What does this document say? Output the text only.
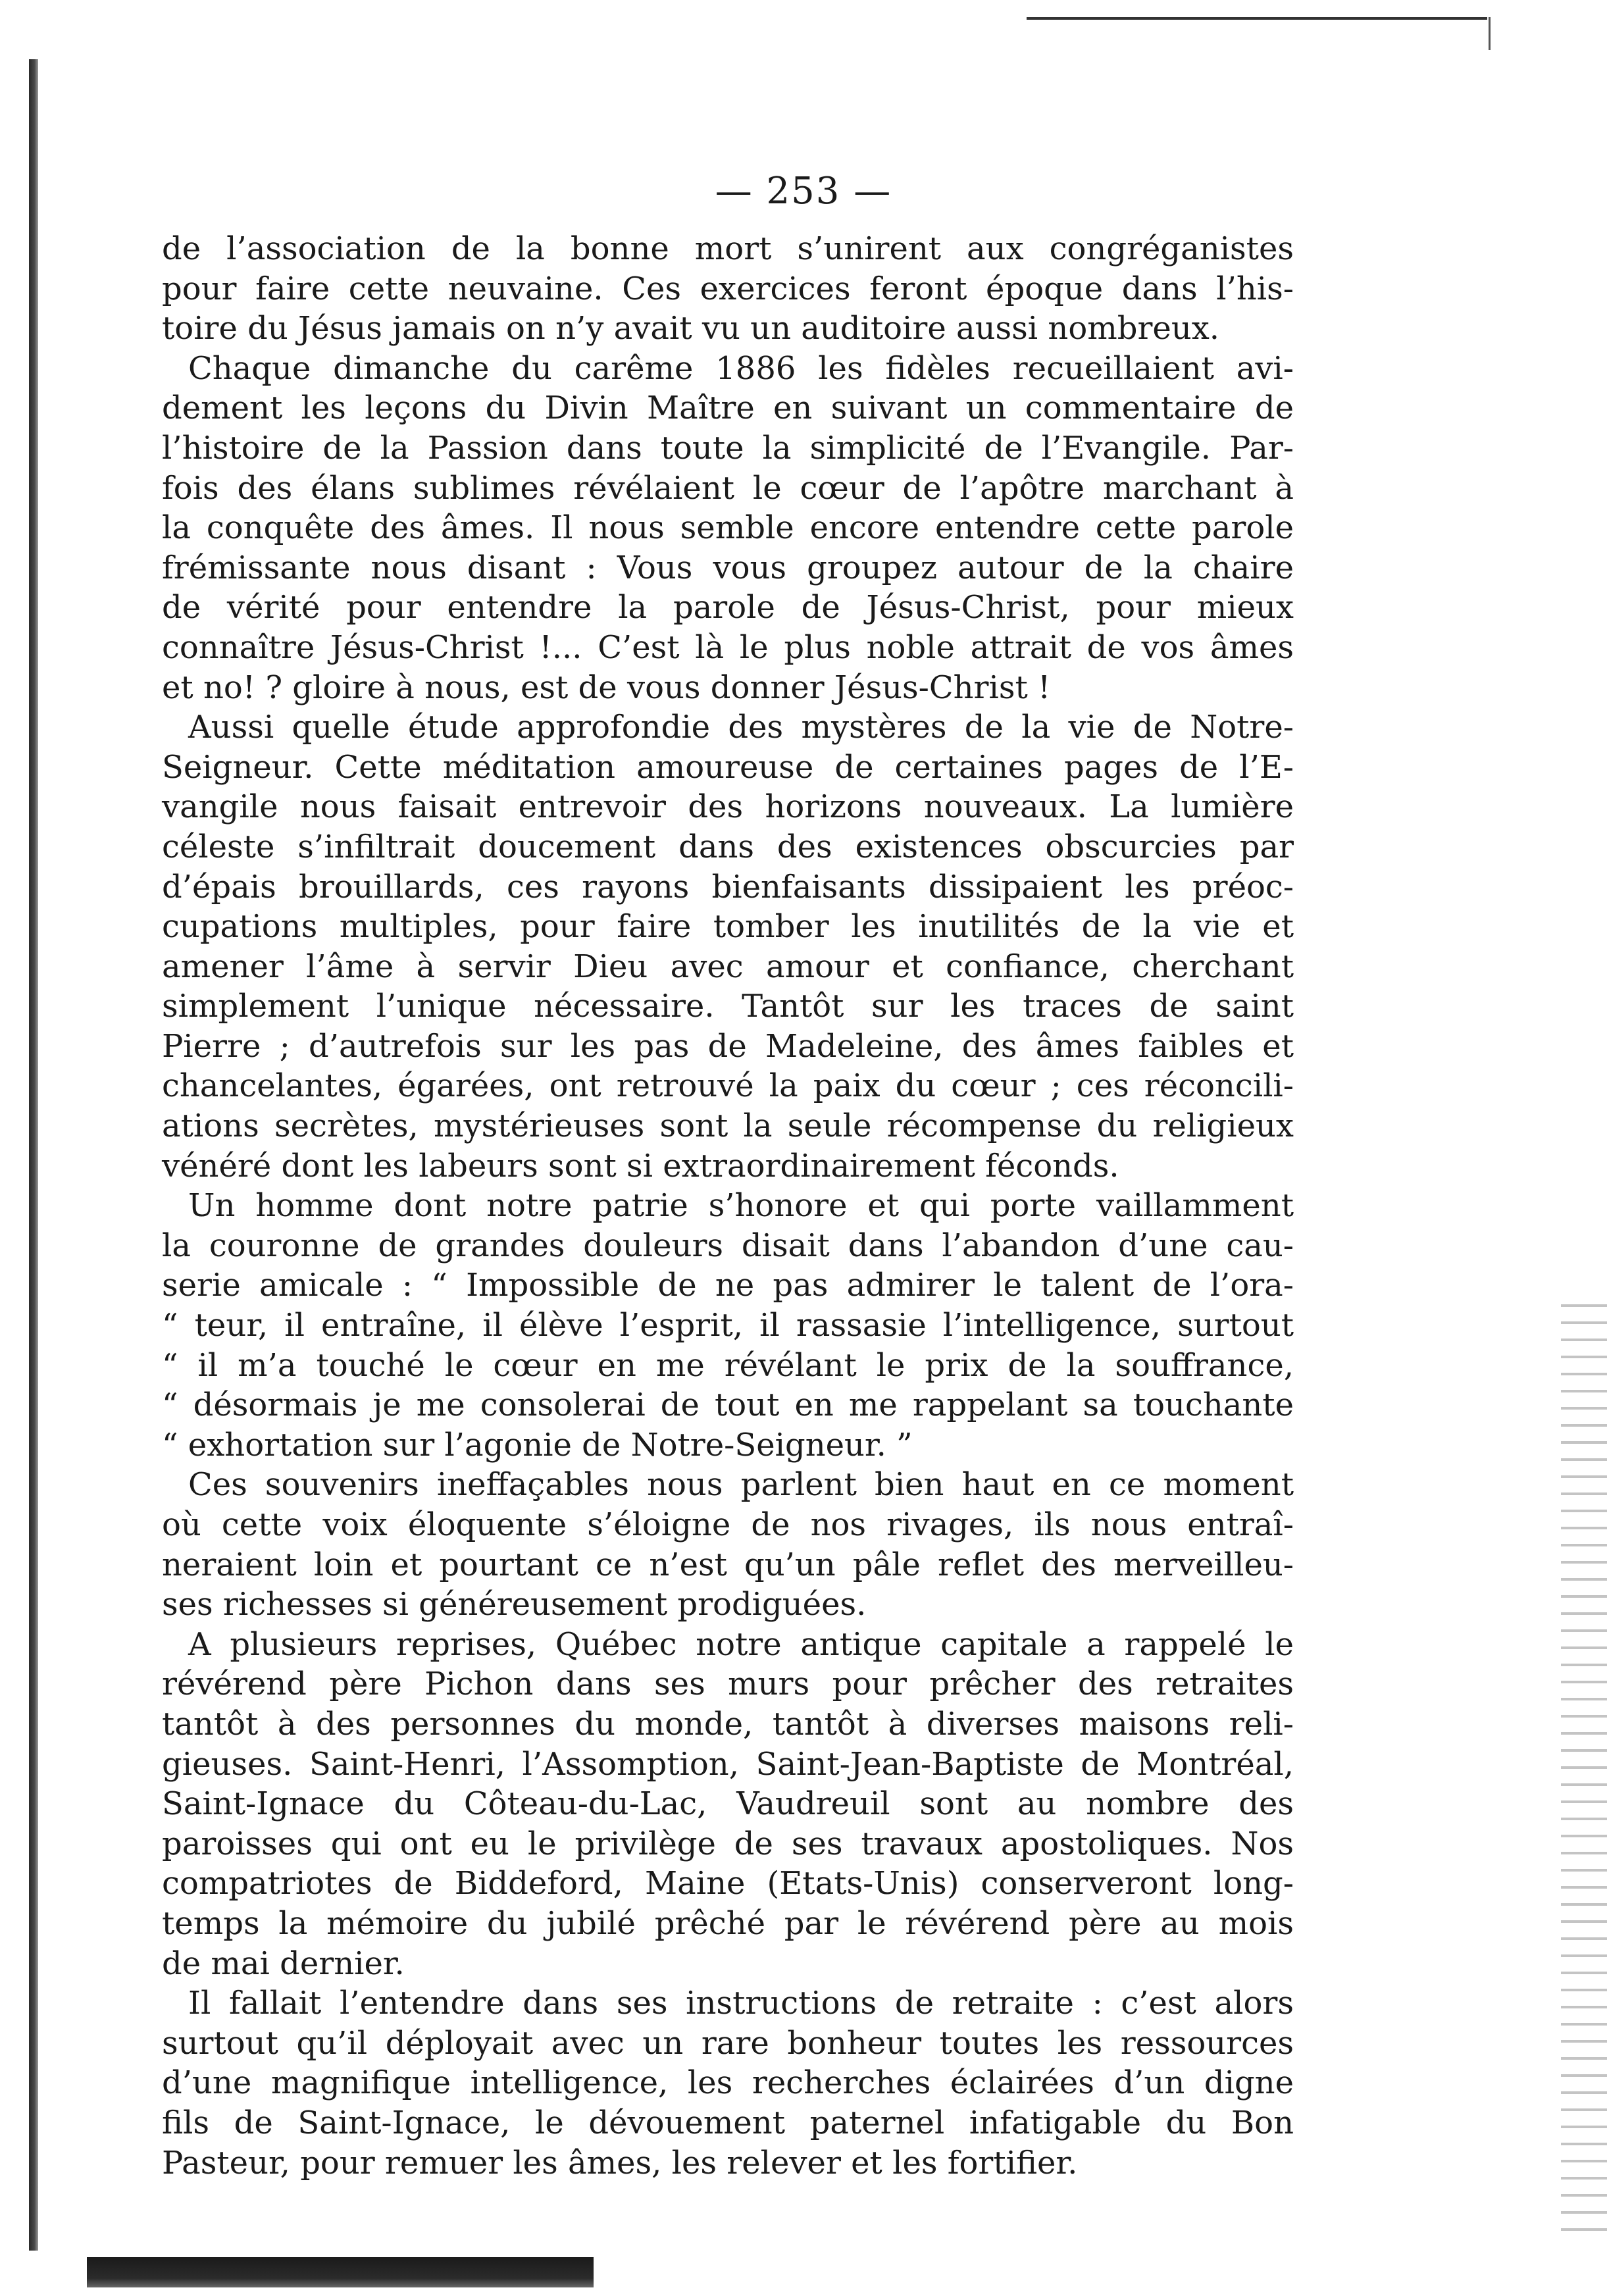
— 253 —
de l’association de la bonne mort s’unirent aux congréganistes
pour faire cette neuvaine. Ces exercices feront époque dans l’his-
toire du Jésus jamais on n’y avait vu un auditoire aussi nombreux.
Chaque dimanche du carême 1886 les fidèles recueillaient avi-
dement les leçons du Divin Maître en suivant un commentaire de
l’histoire de la Passion dans toute la simplicité de l’Evangile. Par-
fois des élans sublimes révélaient le cœur de l’apôtre marchant à
la conquête des âmes. Il nous semble encore entendre cette parole
frémissante nous disant : Vous vous groupez autour de la chaire
de vérité pour entendre la parole de Jésus-Christ, pour mieux
connaître Jésus-Christ !... C’est là le plus noble attrait de vos âmes
et no! ? gloire à nous, est de vous donner Jésus-Christ !
Aussi quelle étude approfondie des mystères de la vie de Notre-
Seigneur. Cette méditation amoureuse de certaines pages de l’E-
vangile nous faisait entrevoir des horizons nouveaux. La lumière
céleste s’infiltrait doucement dans des existences obscurcies par
d’épais brouillards, ces rayons bienfaisants dissipaient les préoc-
cupations multiples, pour faire tomber les inutilités de la vie et
amener l’âme à servir Dieu avec amour et confiance, cherchant
simplement l’unique nécessaire. Tantôt sur les traces de saint
Pierre ; d’autrefois sur les pas de Madeleine, des âmes faibles et
chancelantes, égarées, ont retrouvé la paix du cœur ; ces réconcili-
ations secrètes, mystérieuses sont la seule récompense du religieux
vénéré dont les labeurs sont si extraordinairement féconds.
Un homme dont notre patrie s’honore et qui porte vaillamment
la couronne de grandes douleurs disait dans l’abandon d’une cau-
serie amicale : “ Impossible de ne pas admirer le talent de l’ora-
“ teur, il entraîne, il élève l’esprit, il rassasie l’intelligence, surtout
“ il m’a touché le cœur en me révélant le prix de la souffrance,
“ désormais je me consolerai de tout en me rappelant sa touchante
“ exhortation sur l’agonie de Notre-Seigneur. ”
Ces souvenirs ineffaçables nous parlent bien haut en ce moment
où cette voix éloquente s’éloigne de nos rivages, ils nous entraî-
neraient loin et pourtant ce n’est qu’un pâle reflet des merveilleu-
ses richesses si généreusement prodiguées.
A plusieurs reprises, Québec notre antique capitale a rappelé le
révérend père Pichon dans ses murs pour prêcher des retraites
tantôt à des personnes du monde, tantôt à diverses maisons reli-
gieuses. Saint-Henri, l’Assomption, Saint-Jean-Baptiste de Montréal,
Saint-Ignace du Côteau-du-Lac, Vaudreuil sont au nombre des
paroisses qui ont eu le privilège de ses travaux apostoliques. Nos
compatriotes de Biddeford, Maine (Etats-Unis) conserveront long-
temps la mémoire du jubilé prêché par le révérend père au mois
de mai dernier.
Il fallait l’entendre dans ses instructions de retraite : c’est alors
surtout qu’il déployait avec un rare bonheur toutes les ressources
d’une magnifique intelligence, les recherches éclairées d’un digne
fils de Saint-Ignace, le dévouement paternel infatigable du Bon
Pasteur, pour remuer les âmes, les relever et les fortifier.
